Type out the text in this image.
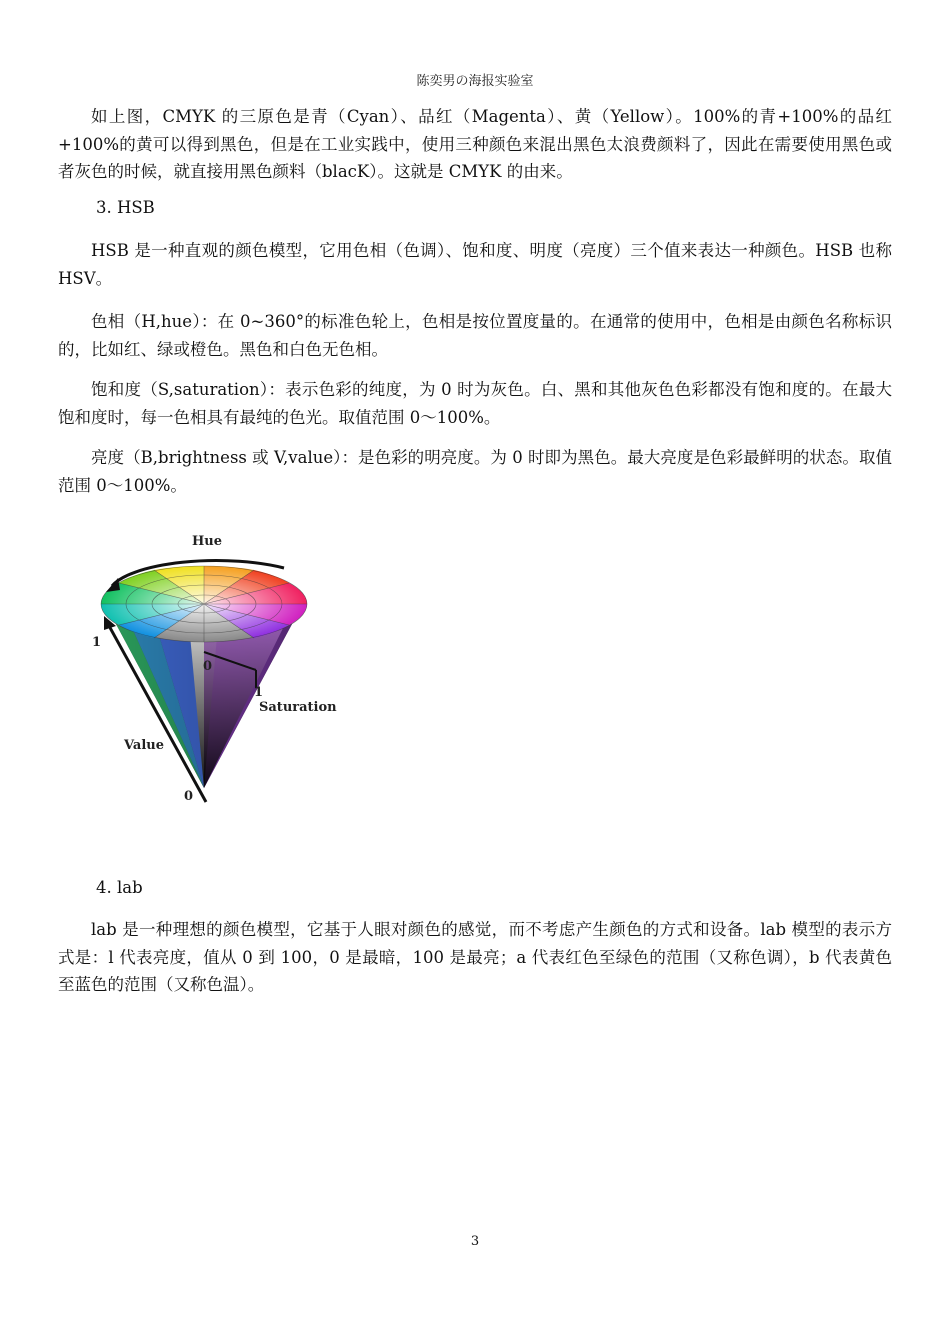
陈奕男の海报实验室

如上图，CMYK 的三原色是青（Cyan）、品红（Magenta）、黄（Yellow）。100%的青+100%的品红+100%的黄可以得到黑色，但是在工业实践中，使用三种颜色来混出黑色太浪费颜料了，因此在需要使用黑色或者灰色的时候，就直接用黑色颜料（blacK）。这就是 CMYK 的由来。

3. HSB

HSB 是一种直观的颜色模型，它用色相（色调）、饱和度、明度（亮度）三个值来表达一种颜色。HSB 也称 HSV。

色相（H,hue）：在 0~360°的标准色轮上，色相是按位置度量的。在通常的使用中，色相是由颜色名称标识的，比如红、绿或橙色。黑色和白色无色相。

饱和度（S,saturation）：表示色彩的纯度，为 0 时为灰色。白、黑和其他灰色色彩都没有饱和度的。在最大饱和度时，每一色相具有最纯的色光。取值范围 0～100%。

亮度（B,brightness 或 V,value）：是色彩的明亮度。为 0 时即为黑色。最大亮度是色彩最鲜明的状态。取值范围 0～100%。

Hue
Saturation
Value
1
0
0
1
4. lab

lab 是一种理想的颜色模型，它基于人眼对颜色的感觉，而不考虑产生颜色的方式和设备。lab 模型的表示方式是：l 代表亮度，值从 0 到 100，0 是最暗，100 是最亮；a 代表红色至绿色的范围（又称色调），b 代表黄色至蓝色的范围（又称色温）。

3
